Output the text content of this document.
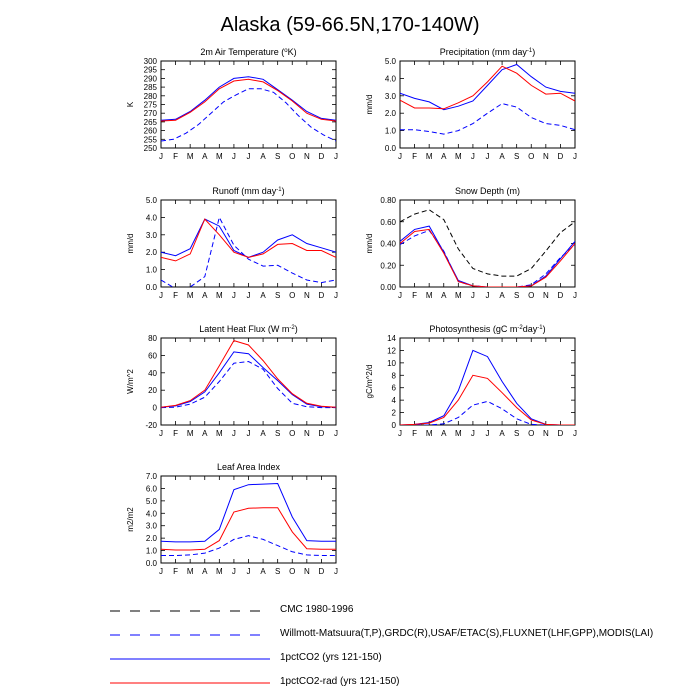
Alaska (59-66.5N,170-140W)
2m Air Temperature ($^o$K)
250
255
260
265
270
275
280
285
290
295
300
J F M A M J J A S O N D J
K
Precipitation (mm day$^{-1}$)
0.0
1.0
2.0
3.0
4.0
5.0
J F M A M J J A S O N D J
mm/d
Runoff (mm day$^{-1}$)
0.0
1.0
2.0
3.0
4.0
5.0
J F M A M J J A S O N D J
mm/d
Snow Depth (m)
0.00
0.20
0.40
0.60
0.80
J F M A M J J A S O N D J
mm/d
Latent Heat Flux (W $m^{-2}$)
-20
0
20
40
60
80
J F M A M J J A S O N D J
W/m^2
Photosynthesis (gC $m^{-2}day^{-1}$)
0
2
4
6
8
10
12
14
J F M A M J J A S O N D J
gC/m^2/d
Leaf Area Index
0.0
1.0
2.0
3.0
4.0
5.0
6.0
7.0
J F M A M J J A S O N D J
m2/m2
CMC 1980-1996
Willmott-Matsuura(T,P),GRDC(R),USAF/ETAC(S),FLUXNET(LHF,GPP),MODIS(LAI)
1pctCO2 (yrs 121-150)
1pctCO2-rad (yrs 121-150)
